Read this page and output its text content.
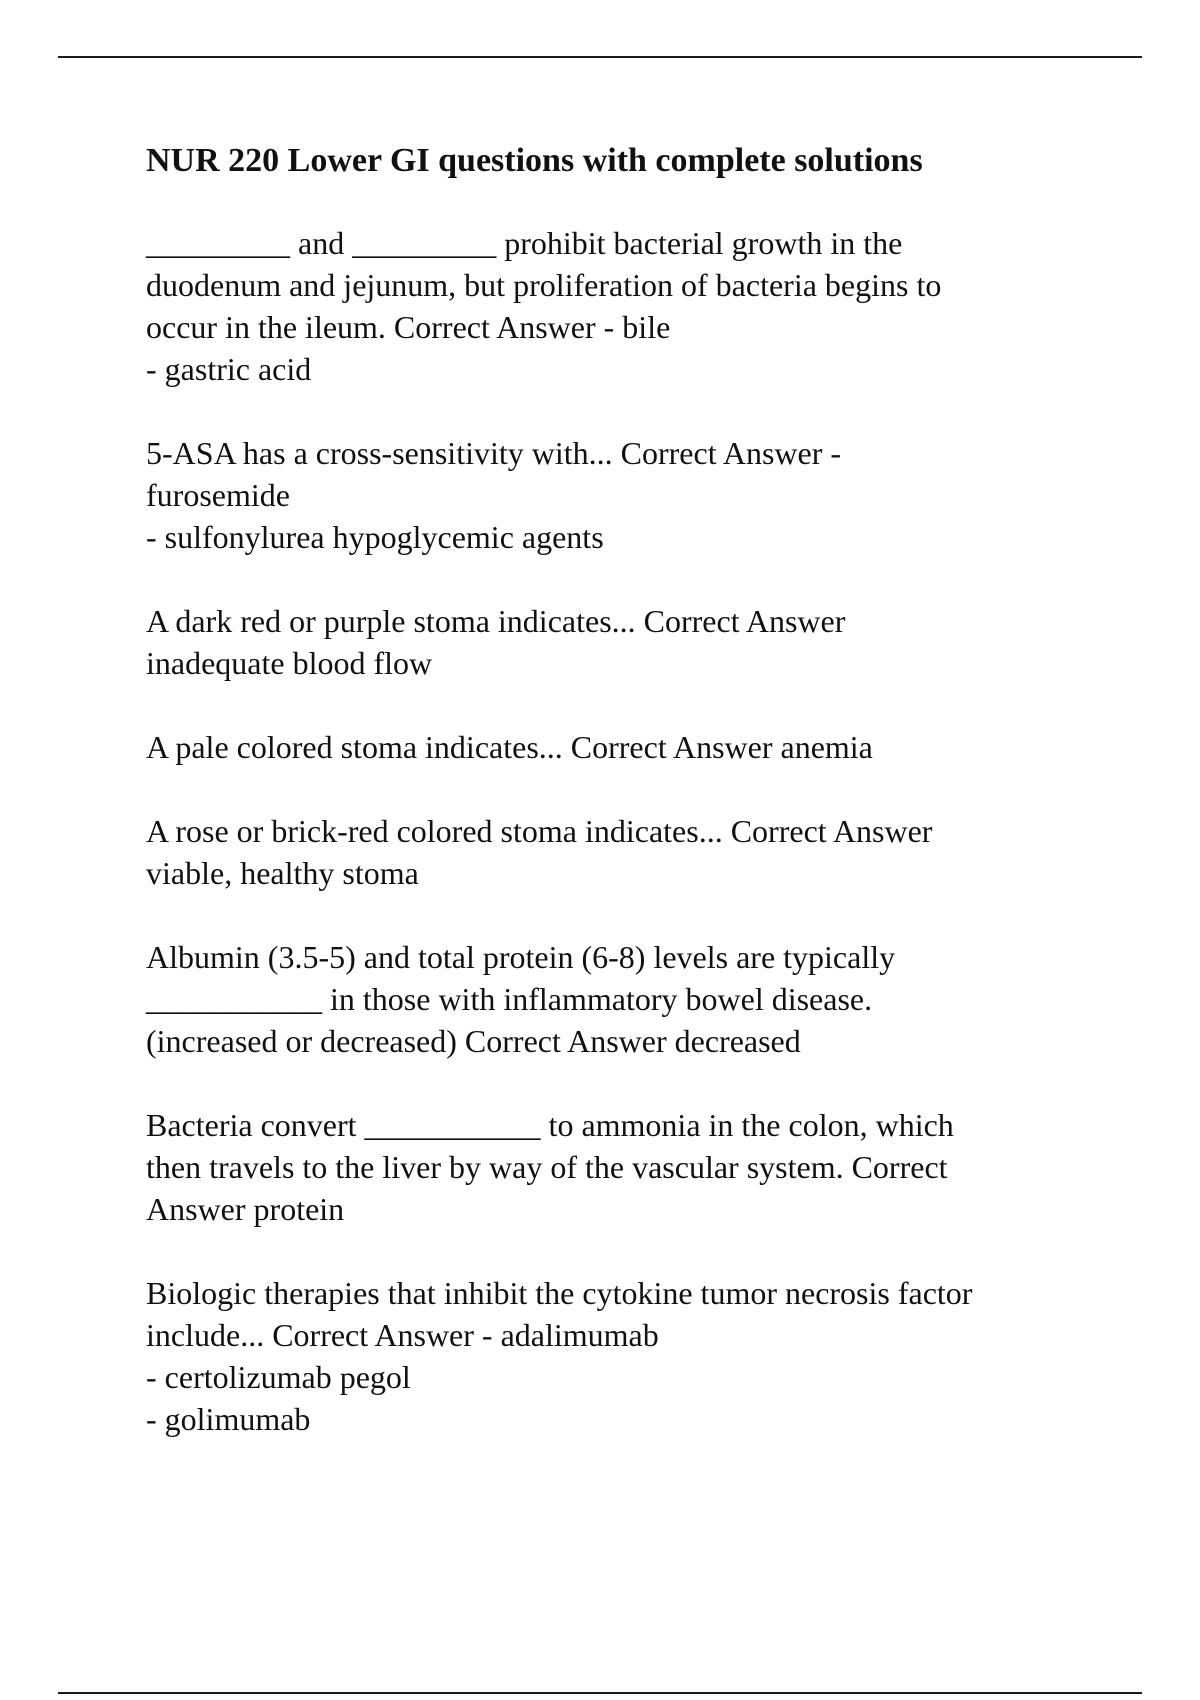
NUR 220 Lower GI questions with complete solutions

_________ and _________ prohibit bacterial growth in the
duodenum and jejunum, but proliferation of bacteria begins to
occur in the ileum. Correct Answer - bile
- gastric acid

5-ASA has a cross-sensitivity with... Correct Answer -
furosemide
- sulfonylurea hypoglycemic agents

A dark red or purple stoma indicates... Correct Answer
inadequate blood flow

A pale colored stoma indicates... Correct Answer anemia

A rose or brick-red colored stoma indicates... Correct Answer
viable, healthy stoma

Albumin (3.5-5) and total protein (6-8) levels are typically
___________ in those with inflammatory bowel disease.
(increased or decreased) Correct Answer decreased

Bacteria convert ___________ to ammonia in the colon, which
then travels to the liver by way of the vascular system. Correct
Answer protein

Biologic therapies that inhibit the cytokine tumor necrosis factor
include... Correct Answer - adalimumab
- certolizumab pegol
- golimumab
